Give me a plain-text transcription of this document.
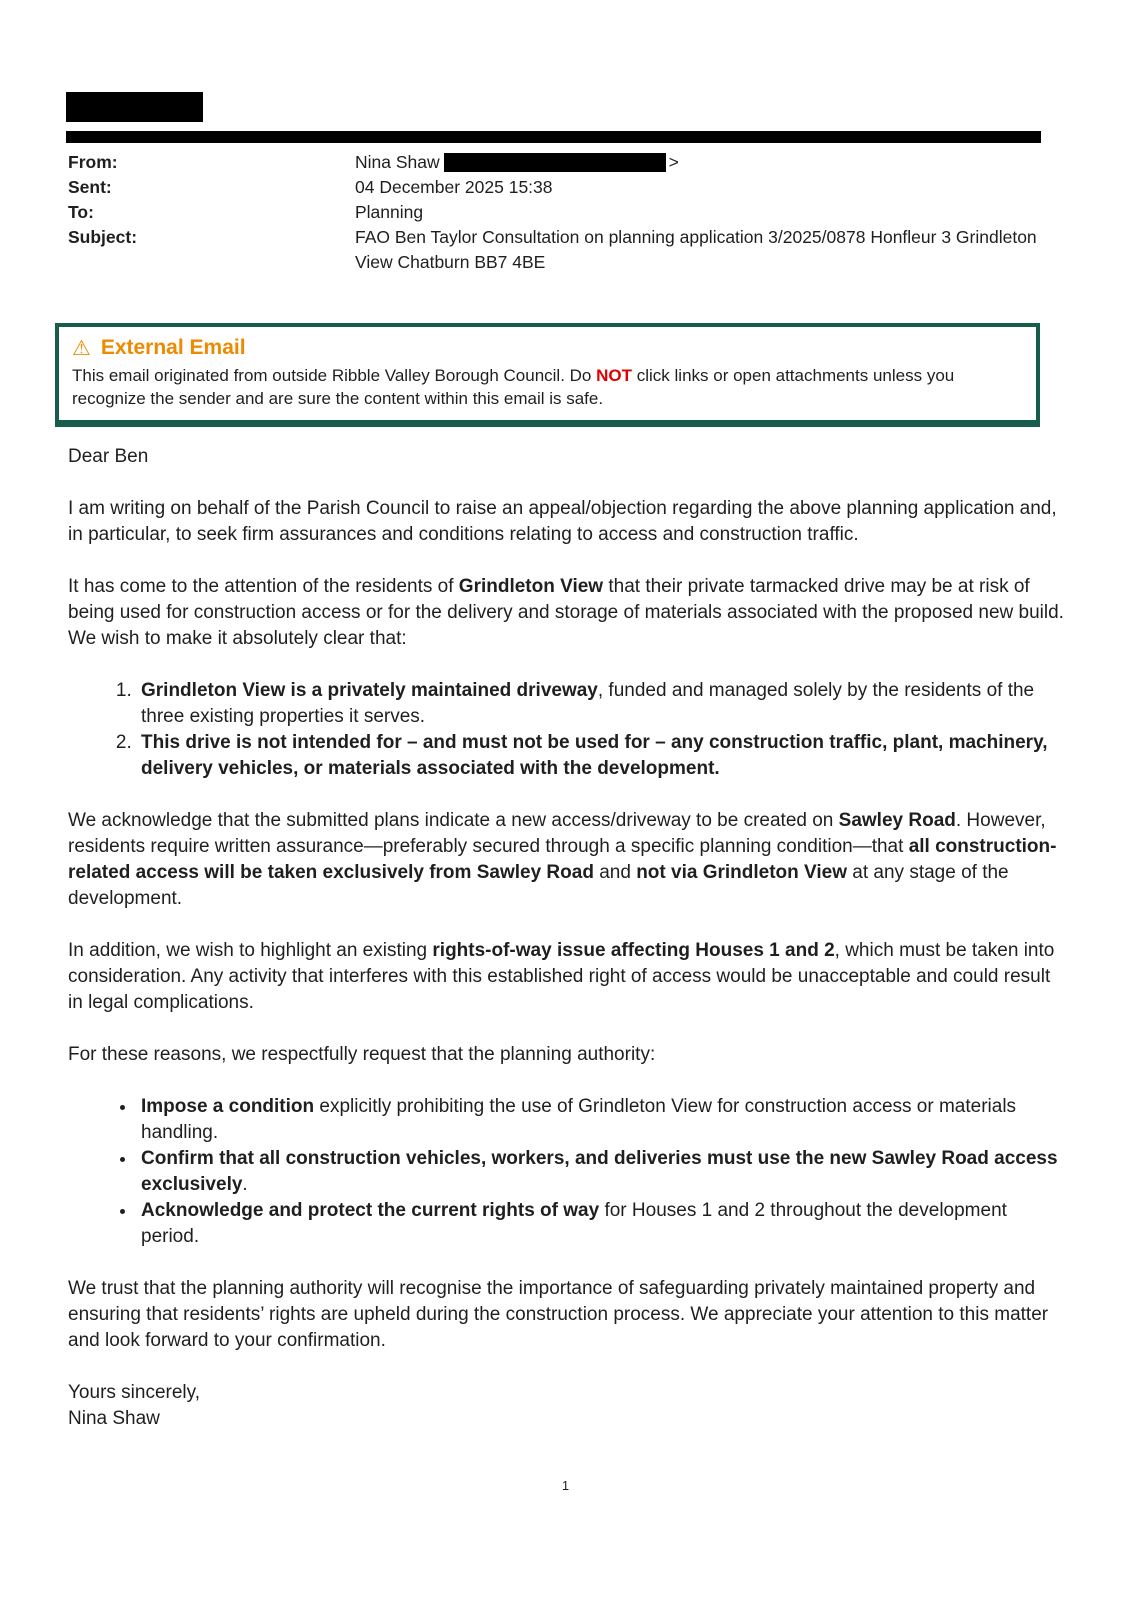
From:	Nina Shaw	>
Sent:	04 December 2025 15:38
To:	Planning
Subject:	FAO Ben Taylor Consultation on planning application 3/2025/0878 Honfleur 3 Grindleton View Chatburn BB7 4BE
⚠ External Email
This email originated from outside Ribble Valley Borough Council. Do NOT click links or open attachments unless you recognize the sender and are sure the content within this email is safe.

Dear Ben

I am writing on behalf of the Parish Council to raise an appeal/objection regarding the above planning application and, in particular, to seek firm assurances and conditions relating to access and construction traffic.

It has come to the attention of the residents of Grindleton View that their private tarmacked drive may be at risk of being used for construction access or for the delivery and storage of materials associated with the proposed new build. We wish to make it absolutely clear that:

1. Grindleton View is a privately maintained driveway, funded and managed solely by the residents of the three existing properties it serves.
2. This drive is not intended for – and must not be used for – any construction traffic, plant, machinery, delivery vehicles, or materials associated with the development.

We acknowledge that the submitted plans indicate a new access/driveway to be created on Sawley Road. However, residents require written assurance—preferably secured through a specific planning condition—that all construction-related access will be taken exclusively from Sawley Road and not via Grindleton View at any stage of the development.

In addition, we wish to highlight an existing rights-of-way issue affecting Houses 1 and 2, which must be taken into consideration. Any activity that interferes with this established right of access would be unacceptable and could result in legal complications.

For these reasons, we respectfully request that the planning authority:

• Impose a condition explicitly prohibiting the use of Grindleton View for construction access or materials handling.
• Confirm that all construction vehicles, workers, and deliveries must use the new Sawley Road access exclusively.
• Acknowledge and protect the current rights of way for Houses 1 and 2 throughout the development period.

We trust that the planning authority will recognise the importance of safeguarding privately maintained property and ensuring that residents’ rights are upheld during the construction process. We appreciate your attention to this matter and look forward to your confirmation.

Yours sincerely,
Nina Shaw

1
